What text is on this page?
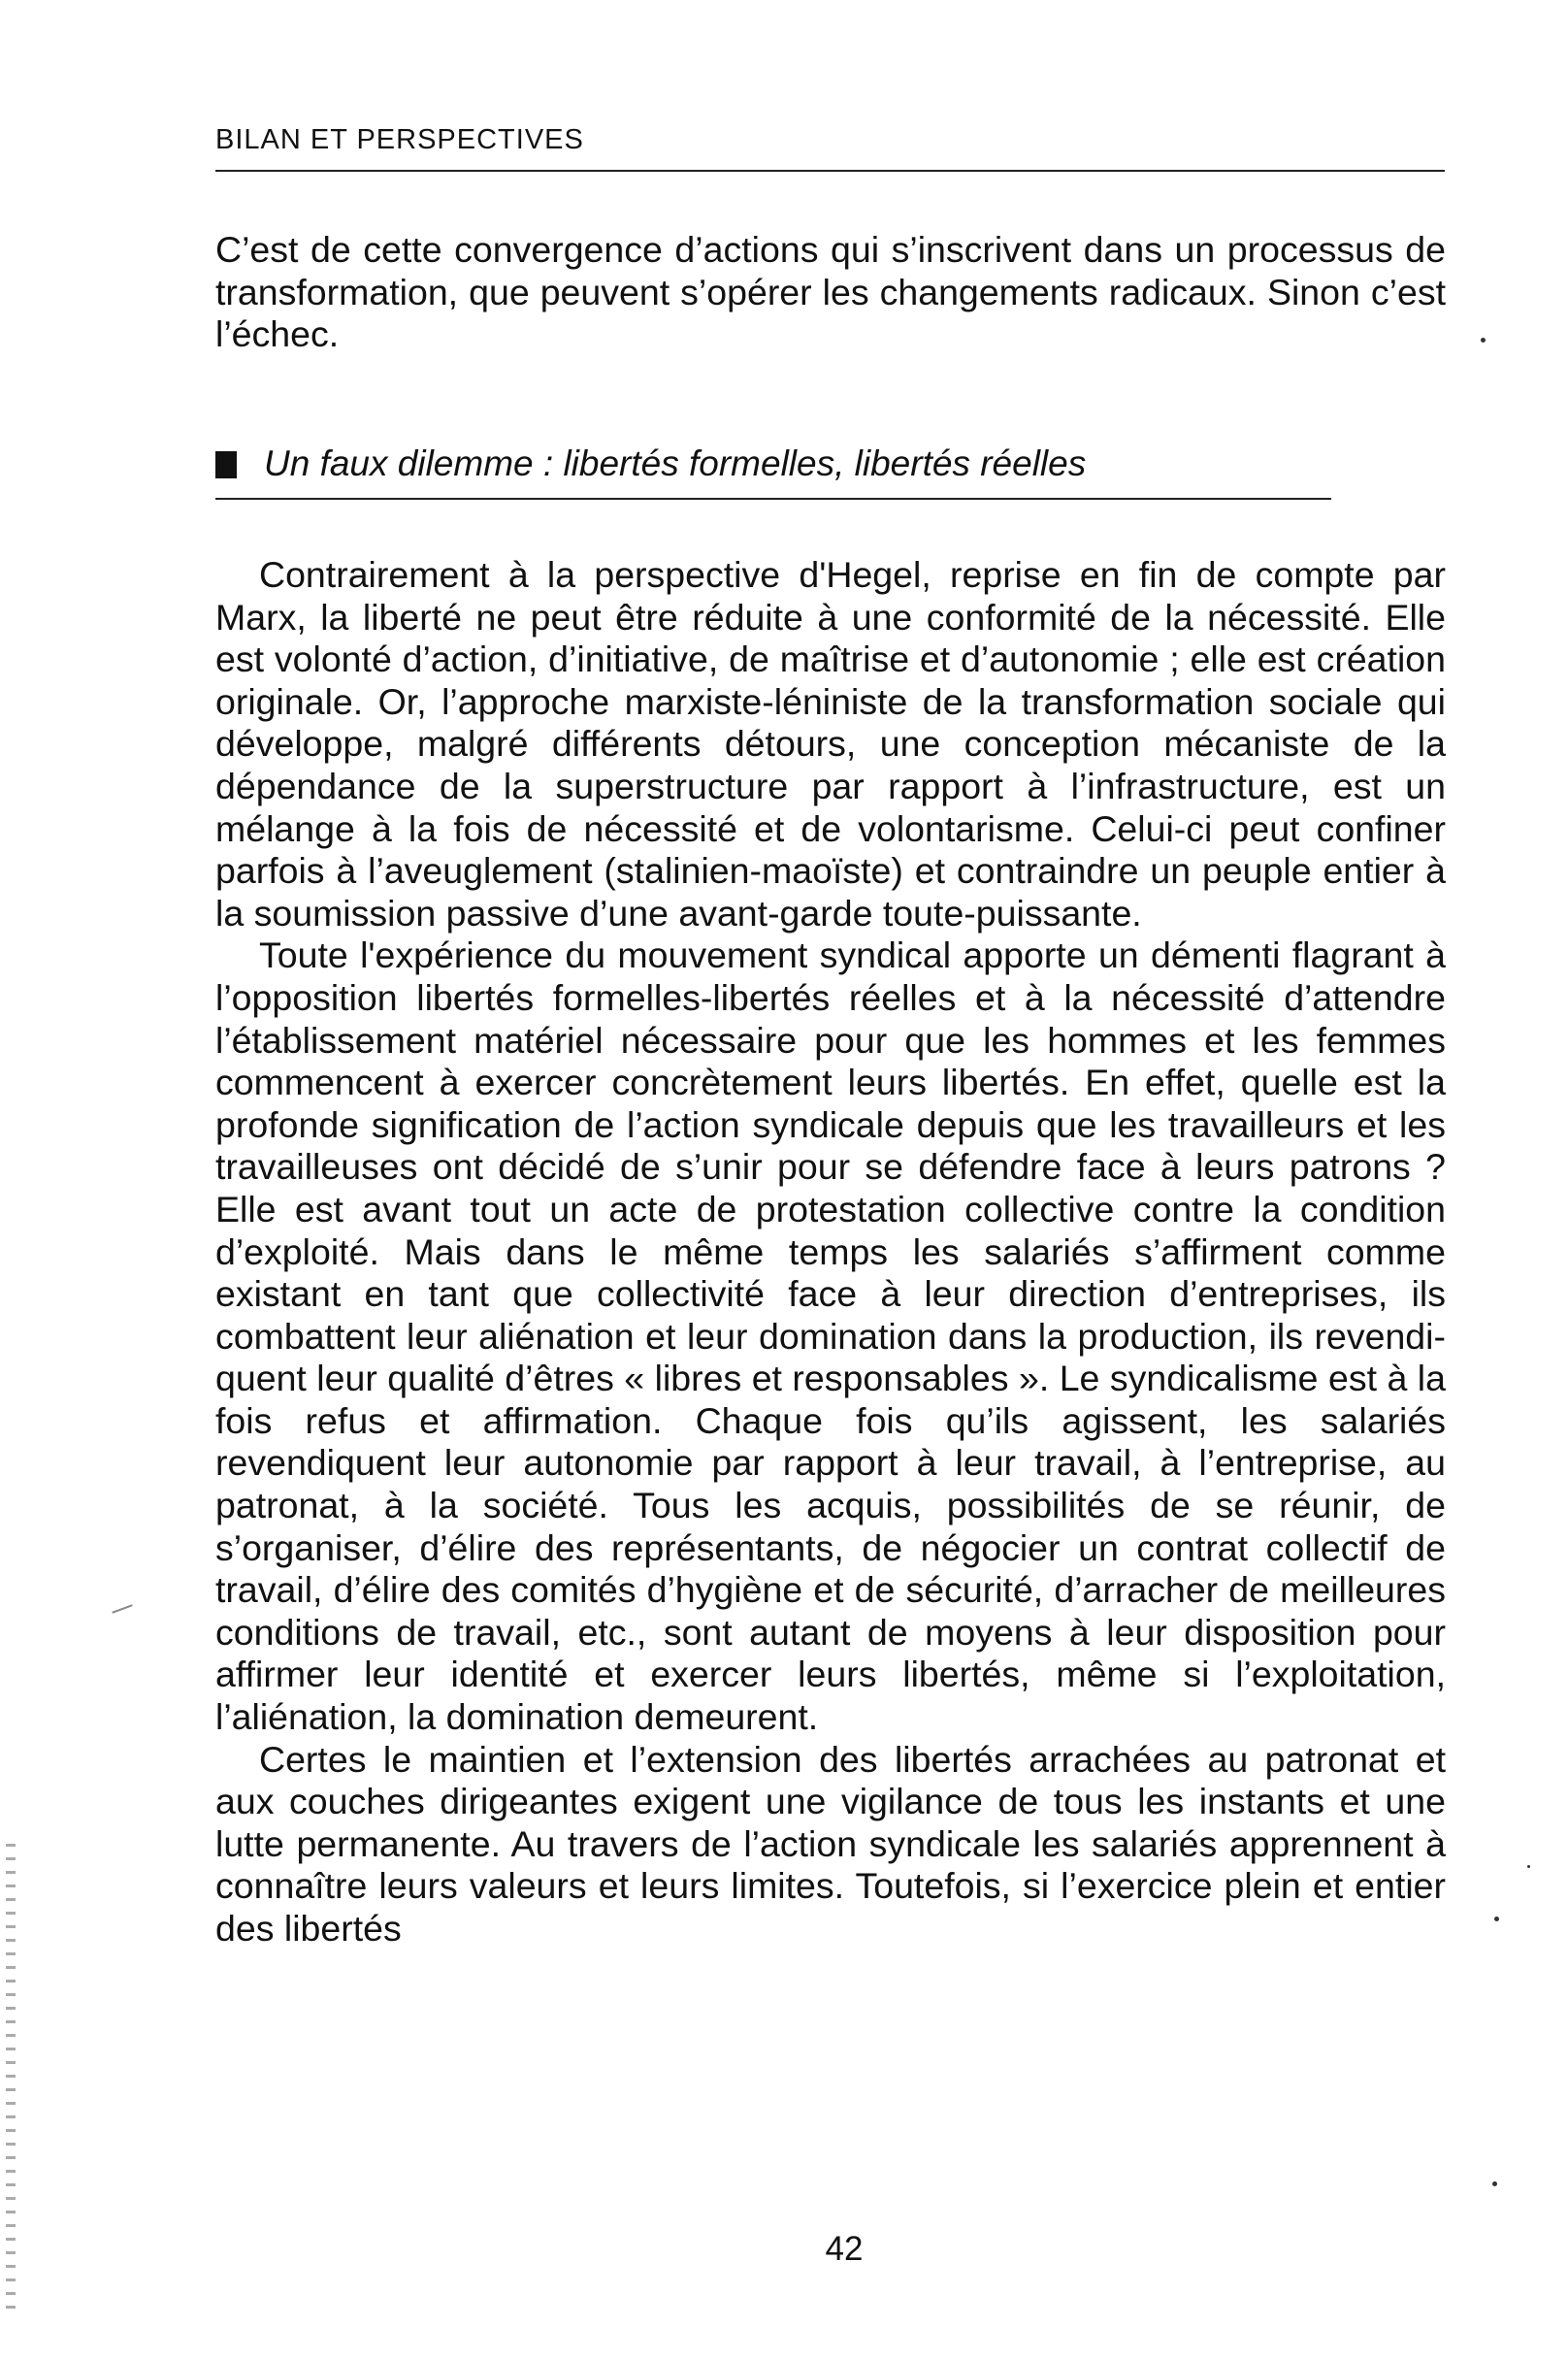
BILAN ET PERSPECTIVES

C’est de cette convergence d’actions qui s’inscrivent dans un processus de transformation, que peuvent s’opérer les changements radicaux. Sinon c’est l’échec.

Un faux dilemme : libertés formelles, libertés réelles

Contrairement à la perspective d'Hegel, reprise en fin de compte par Marx, la liberté ne peut être réduite à une conformité de la nécessité. Elle est volonté d’action, d’initiative, de maîtrise et d’autonomie ; elle est création originale. Or, l’approche marxiste-léniniste de la transformation sociale qui développe, malgré différents détours, une conception mécaniste de la dépendance de la superstructure par rapport à l’infrastructure, est un mélange à la fois de nécessité et de volontarisme. Celui-ci peut confiner parfois à l’aveuglement (stalinien-maoïste) et contraindre un peuple entier à la soumission passive d’une avant-garde toute-puissante.

Toute l'expérience du mouvement syndical apporte un démenti flagrant à l’opposition libertés formelles-libertés réelles et à la nécessité d’attendre l’établissement matériel nécessaire pour que les hommes et les femmes commencent à exercer concrètement leurs libertés. En effet, quelle est la profonde signification de l’action syndicale depuis que les travailleurs et les travailleuses ont décidé de s’unir pour se défendre face à leurs patrons ? Elle est avant tout un acte de protestation collective contre la condition d’exploité. Mais dans le même temps les salariés s’affirment comme existant en tant que collectivité face à leur direction d’entreprises, ils combattent leur aliénation et leur domination dans la production, ils revendiquent leur qualité d’êtres « libres et responsables ». Le syndicalisme est à la fois refus et affirmation. Chaque fois qu’ils agissent, les salariés revendiquent leur autonomie par rapport à leur travail, à l’entreprise, au patronat, à la société. Tous les acquis, possibilités de se réunir, de s’organiser, d’élire des représentants, de négocier un contrat collectif de travail, d’élire des comités d’hygiène et de sécurité, d’arracher de meilleures conditions de travail, etc., sont autant de moyens à leur disposition pour affirmer leur identité et exercer leurs libertés, même si l’exploitation, l’aliénation, la domination demeurent.

Certes le maintien et l’extension des libertés arrachées au patronat et aux couches dirigeantes exigent une vigilance de tous les instants et une lutte permanente. Au travers de l’action syndicale les salariés apprennent à connaître leurs valeurs et leurs limites. Toutefois, si l’exercice plein et entier des libertés

42
